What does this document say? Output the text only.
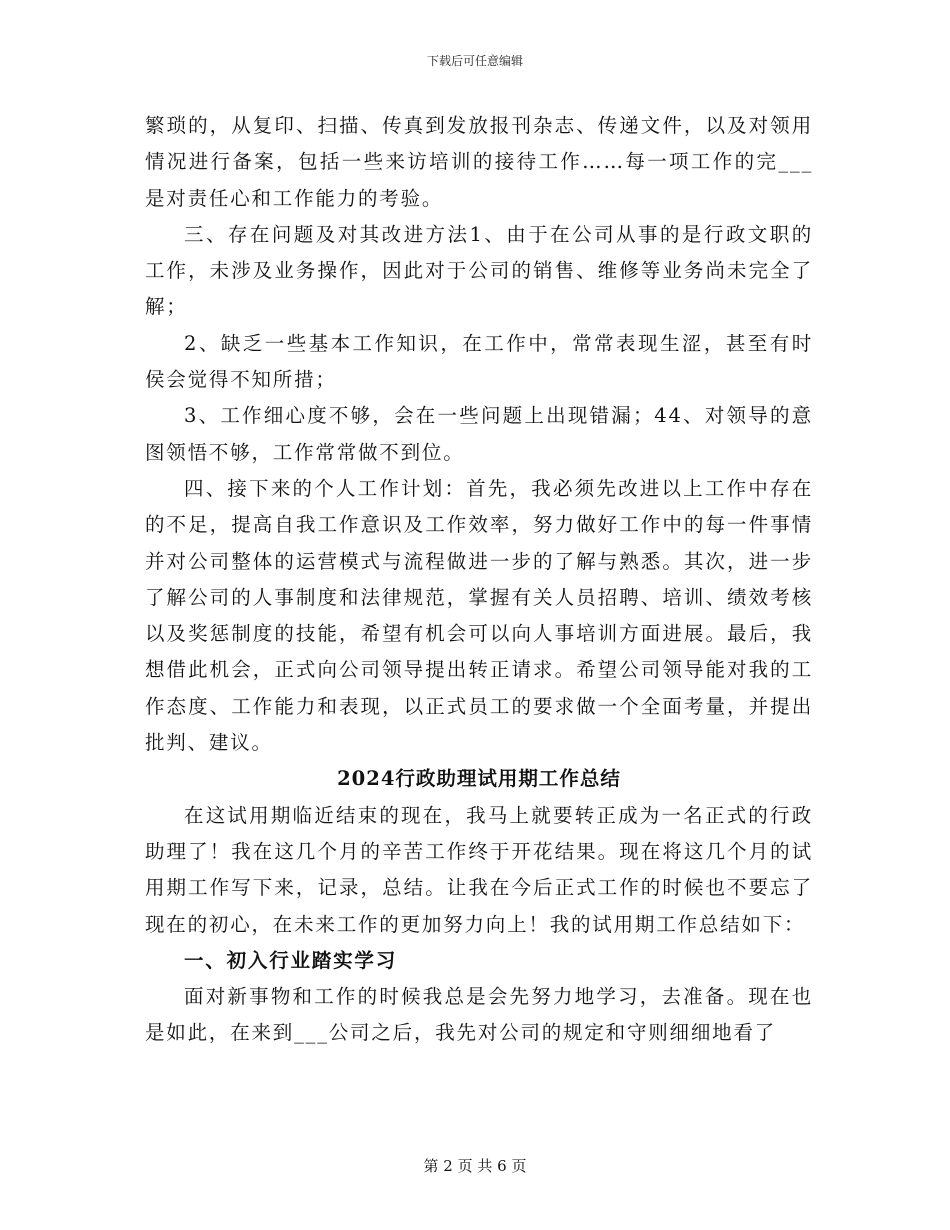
下载后可任意编辑

繁琐的，从复印、扫描、传真到发放报刊杂志、传递文件，以及对领用情况进行备案，包括一些来访培训的接待工作……每一项工作的完___是对责任心和工作能力的考验。

三、存在问题及对其改进方法1、由于在公司从事的是行政文职的工作，未涉及业务操作，因此对于公司的销售、维修等业务尚未完全了解；

2、缺乏一些基本工作知识，在工作中，常常表现生涩，甚至有时侯会觉得不知所措；

3、工作细心度不够，会在一些问题上出现错漏；44、对领导的意图领悟不够，工作常常做不到位。

四、接下来的个人工作计划：首先，我必须先改进以上工作中存在的不足，提高自我工作意识及工作效率，努力做好工作中的每一件事情并对公司整体的运营模式与流程做进一步的了解与熟悉。其次，进一步了解公司的人事制度和法律规范，掌握有关人员招聘、培训、绩效考核以及奖惩制度的技能，希望有机会可以向人事培训方面进展。最后，我想借此机会，正式向公司领导提出转正请求。希望公司领导能对我的工作态度、工作能力和表现，以正式员工的要求做一个全面考量，并提出批判、建议。

2024行政助理试用期工作总结

在这试用期临近结束的现在，我马上就要转正成为一名正式的行政助理了！我在这几个月的辛苦工作终于开花结果。现在将这几个月的试用期工作写下来，记录，总结。让我在今后正式工作的时候也不要忘了现在的初心，在未来工作的更加努力向上！我的试用期工作总结如下：

一、初入行业踏实学习

面对新事物和工作的时候我总是会先努力地学习，去准备。现在也是如此，在来到___公司之后，我先对公司的规定和守则细细地看了

第 2 页 共 6 页
